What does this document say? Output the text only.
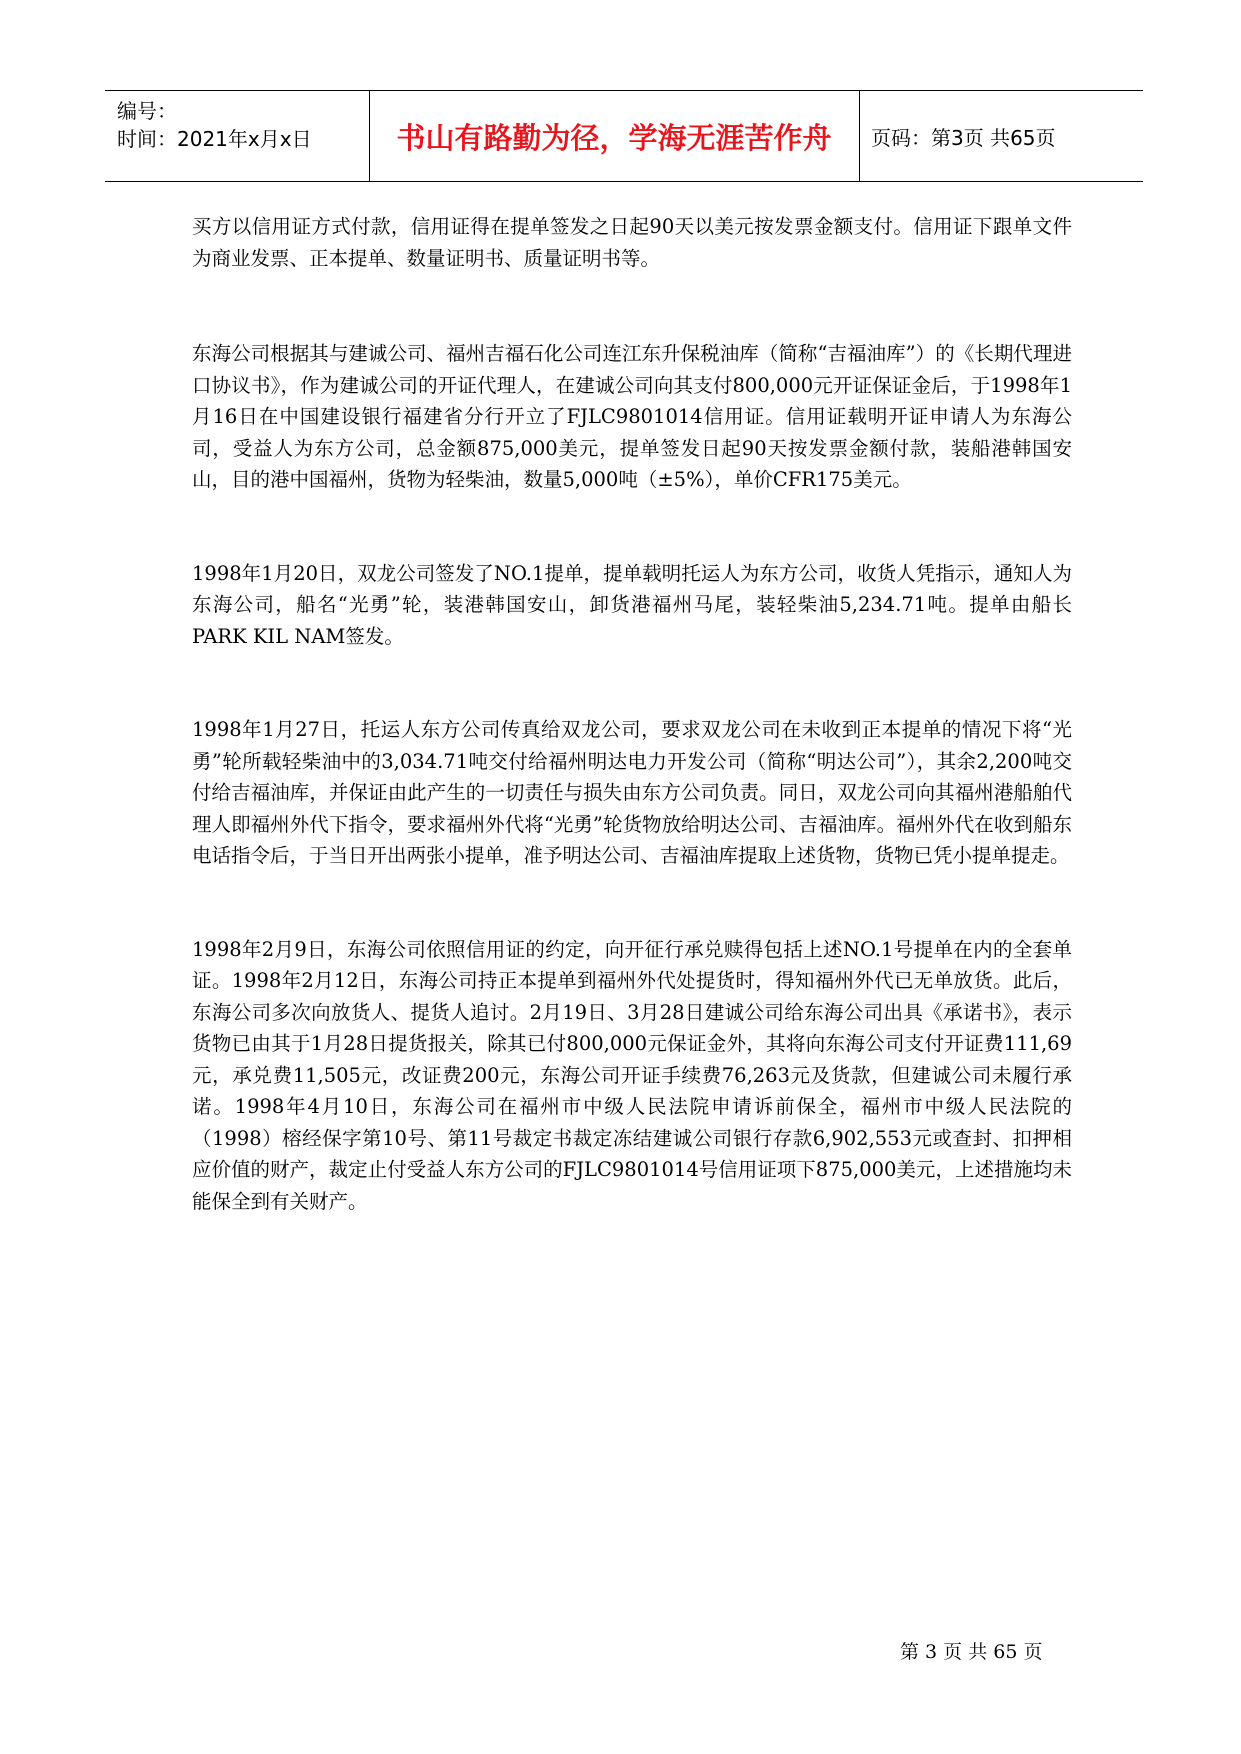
编号：
时间：2021年x月x日	书山有路勤为径，学海无涯苦作舟	页码：第3页 共65页

买方以信用证方式付款，信用证得在提单签发之日起90天以美元按发票金额支付。信用证下跟单文件为商业发票、正本提单、数量证明书、质量证明书等。

东海公司根据其与建诚公司、福州吉福石化公司连江东升保税油库（简称“吉福油库”）的《长期代理进口协议书》，作为建诚公司的开证代理人，在建诚公司向其支付800,000元开证保证金后，于1998年1月16日在中国建设银行福建省分行开立了FJLC9801014信用证。信用证载明开证申请人为东海公司，受益人为东方公司，总金额875,000美元，提单签发日起90天按发票金额付款，装船港韩国安山，目的港中国福州，货物为轻柴油，数量5,000吨（±5%），单价CFR175美元。

1998年1月20日，双龙公司签发了NO.1提单，提单载明托运人为东方公司，收货人凭指示，通知人为东海公司，船名“光勇”轮，装港韩国安山，卸货港福州马尾，装轻柴油5,234.71吨。提单由船长PARK KIL NAM签发。

1998年1月27日，托运人东方公司传真给双龙公司，要求双龙公司在未收到正本提单的情况下将“光勇”轮所载轻柴油中的3,034.71吨交付给福州明达电力开发公司（简称“明达公司”），其余2,200吨交付给吉福油库，并保证由此产生的一切责任与损失由东方公司负责。同日，双龙公司向其福州港船舶代理人即福州外代下指令，要求福州外代将“光勇”轮货物放给明达公司、吉福油库。福州外代在收到船东电话指令后，于当日开出两张小提单，准予明达公司、吉福油库提取上述货物，货物已凭小提单提走。

1998年2月9日，东海公司依照信用证的约定，向开征行承兑赎得包括上述NO.1号提单在内的全套单证。1998年2月12日，东海公司持正本提单到福州外代处提货时，得知福州外代已无单放货。此后，东海公司多次向放货人、提货人追讨。2月19日、3月28日建诚公司给东海公司出具《承诺书》，表示货物已由其于1月28日提货报关，除其已付800,000元保证金外，其将向东海公司支付开证费111,69元，承兑费11,505元，改证费200元，东海公司开证手续费76,263元及货款，但建诚公司未履行承诺。1998年4月10日，东海公司在福州市中级人民法院申请诉前保全，福州市中级人民法院的（1998）榕经保字第10号、第11号裁定书裁定冻结建诚公司银行存款6,902,553元或查封、扣押相应价值的财产，裁定止付受益人东方公司的FJLC9801014号信用证项下875,000美元，上述措施均未能保全到有关财产。

第 3 页 共 65 页
